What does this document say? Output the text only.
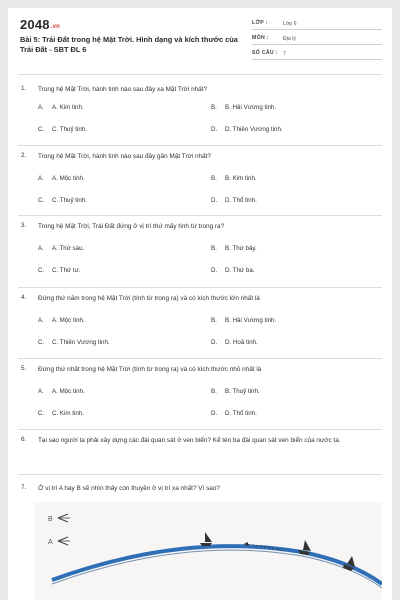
2048.vn
Bài 5: Trái Đất trong hệ Mặt Trời. Hình dạng và kích thước của Trái Đất - SBT ĐL 6
LỚP :	Lớp 6
MÔN :	Địa lý
SỐ CÂU : 7
1. Trong hệ Mặt Trời, hành tinh nào sau đây xa Mặt Trời nhất?
A. A. Kim tinh.	B. B. Hải Vương tinh.
C. C. Thuỷ tinh.	D. D. Thiên Vương tinh.
2. Trong hệ Mặt Trời, hành tinh nào sau đây gần Mặt Trời nhất?
A. A. Mộc tinh.	B. B. Kim tinh.
C. C. Thuỷ tinh.	D. D. Thổ tinh.
3. Trong hệ Mặt Trời, Trái Đất đứng ở vị trí thứ mấy tính từ trong ra?
A. A. Thứ sáu.	B. B. Thứ bảy.
C. C. Thứ tư.	D. D. Thứ ba.
4. Đứng thứ năm trong hệ Mặt Trời (tính từ trong ra) và có kích thước lớn nhất là
A. A. Mộc tinh.	B. B. Hải Vương tinh.
C. C. Thiên Vương tinh.	D. D. Hoả tinh.
5. Đứng thứ nhất trong hệ Mặt Trời (tính từ trong ra) và có kích thước nhỏ nhất là
A. A. Mộc tinh.	B. B. Thuỷ tinh.
C. C. Kim tinh.	D. D. Thổ tinh.
6. Tại sao người ta phải xây dựng các đài quan sát ở ven biển? Kể tên ba đài quan sát ven biển của nước ta.
7. Ở vị trí A hay B sẽ nhìn thấy con thuyền ở vị trí xa nhất? Vì sao?
B
A
